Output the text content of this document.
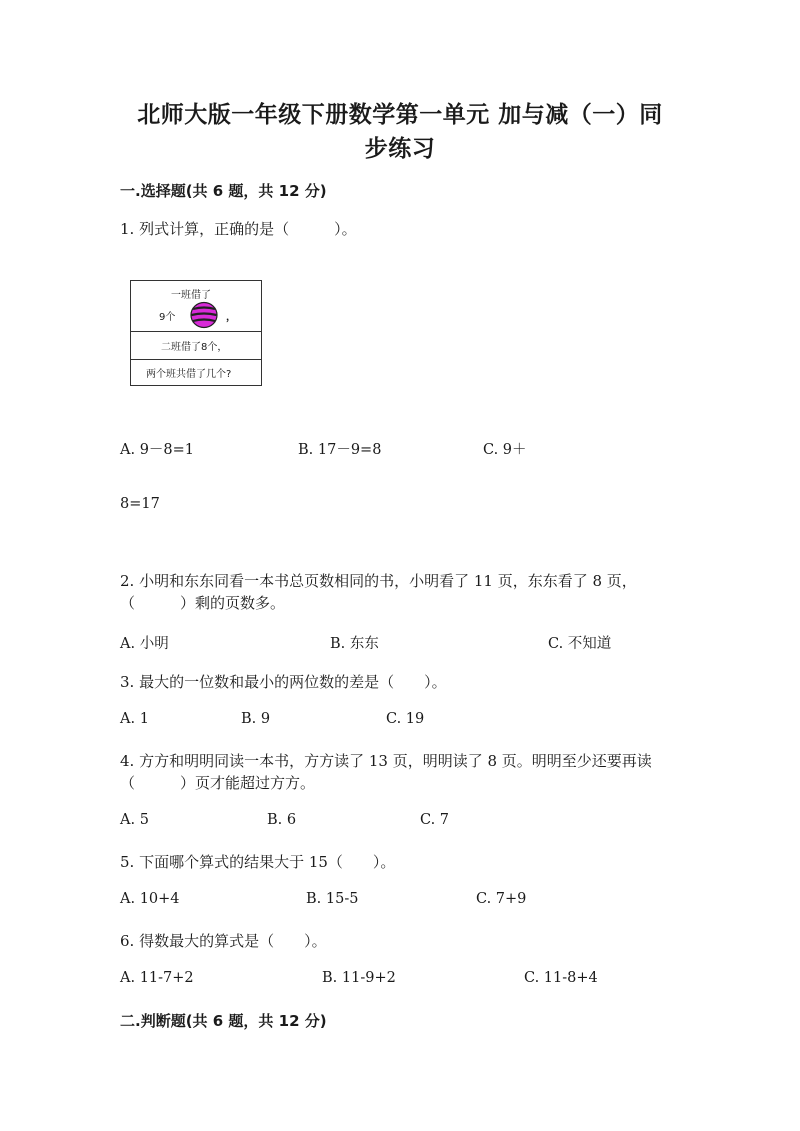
北师大版一年级下册数学第一单元 加与减（一）同
步练习
一.选择题(共 6 题，共 12 分)
1. 列式计算，正确的是（　　　）。
一班借了
9个	，
二班借了8个，
两个班共借了几个?
A. 9－8=1	B. 17－9=8	C. 9＋
8=17
2. 小明和东东同看一本书总页数相同的书，小明看了 11 页，东东看了 8 页，
（　　　）剩的页数多。
A. 小明	B. 东东	C. 不知道
3. 最大的一位数和最小的两位数的差是（　　）。
A. 1	B. 9	C. 19
4. 方方和明明同读一本书，方方读了 13 页，明明读了 8 页。明明至少还要再读
（　　　）页才能超过方方。
A. 5	B. 6	C. 7
5. 下面哪个算式的结果大于 15（　　）。
A. 10+4	B. 15-5	C. 7+9
6. 得数最大的算式是（　　）。
A. 11-7+2	B. 11-9+2	C. 11-8+4
二.判断题(共 6 题，共 12 分)
